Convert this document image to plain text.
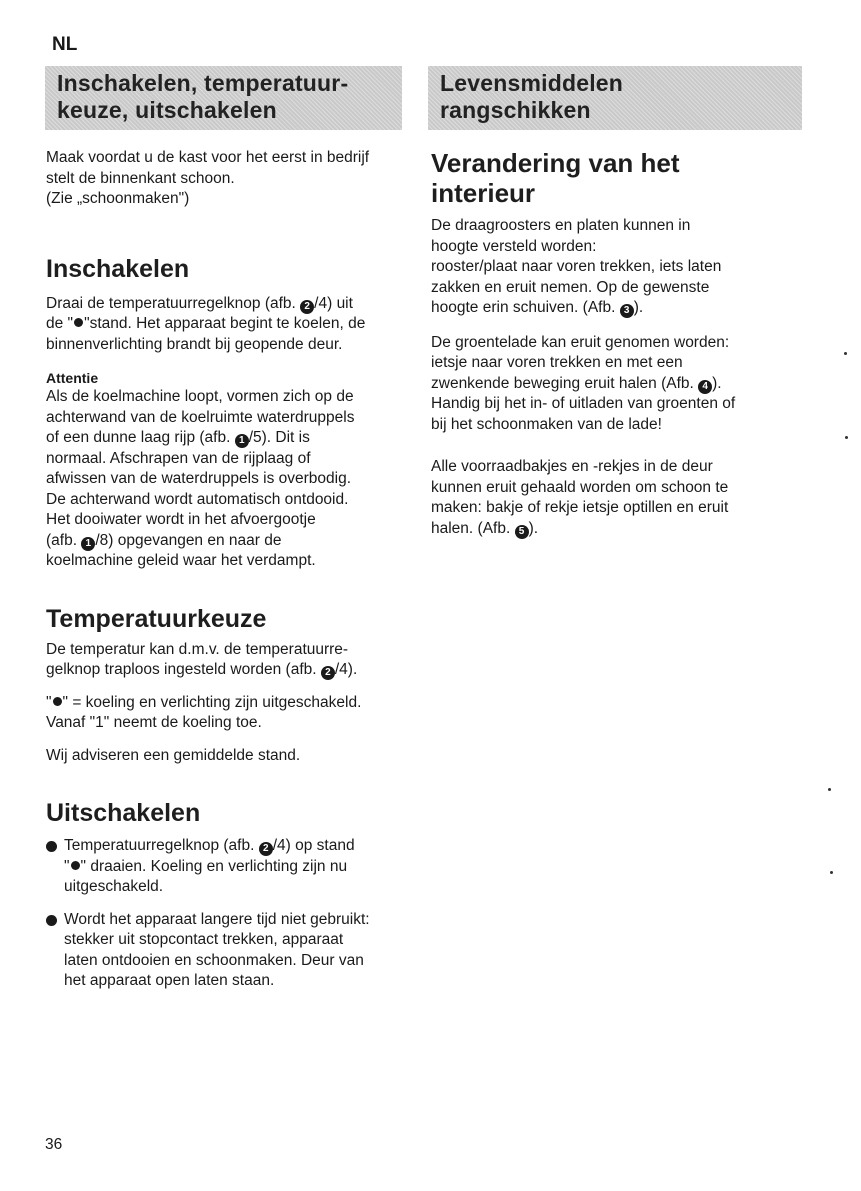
NL
Inschakelen, temperatuur-
keuze, uitschakelen
Levensmiddelen
rangschikken

Maak voordat u de kast voor het eerst in bedrijf

stelt de binnenkant schoon.

(Zie „schoonmaken")

Inschakelen

Draai de temperatuurregelknop (afb. 2 /4) uit

de " "stand. Het apparaat begint te koelen, de

binnenverlichting brandt bij geopende deur.

Attentie

Als de koelmachine loopt, vormen zich op de

achterwand van de koelruimte waterdruppels

of een dunne laag rijp (afb. 1 /5). Dit is

normaal. Afschrapen van de rijplaag of

afwissen van de waterdruppels is overbodig.

De achterwand wordt automatisch ontdooid.

Het dooiwater wordt in het afvoergootje

(afb. 1 /8) opgevangen en naar de

koelmachine geleid waar het verdampt.

Temperatuurkeuze

De temperatur kan d.m.v. de temperatuurre-

gelknop traploos ingesteld worden (afb. 2 /4).

" " = koeling en verlichting zijn uitgeschakeld.

Vanaf "1" neemt de koeling toe.

Wij adviseren een gemiddelde stand.

Uitschakelen

Temperatuurregelknop (afb. 2 /4) op stand

" " draaien. Koeling en verlichting zijn nu

uitgeschakeld.

Wordt het apparaat langere tijd niet gebruikt:

stekker uit stopcontact trekken, apparaat

laten ontdooien en schoonmaken. Deur van

het apparaat open laten staan.

Verandering van het
interieur

De draagroosters en platen kunnen in

hoogte versteld worden:

rooster/plaat naar voren trekken, iets laten

zakken en eruit nemen. Op de gewenste

hoogte erin schuiven. (Afb. 3 ).

De groentelade kan eruit genomen worden:

ietsje naar voren trekken en met een

zwenkende beweging eruit halen (Afb. 4 ).

Handig bij het in- of uitladen van groenten of

bij het schoonmaken van de lade!

Alle voorraadbakjes en -rekjes in de deur

kunnen eruit gehaald worden om schoon te

maken: bakje of rekje ietsje optillen en eruit

halen. (Afb. 5 ).

36
